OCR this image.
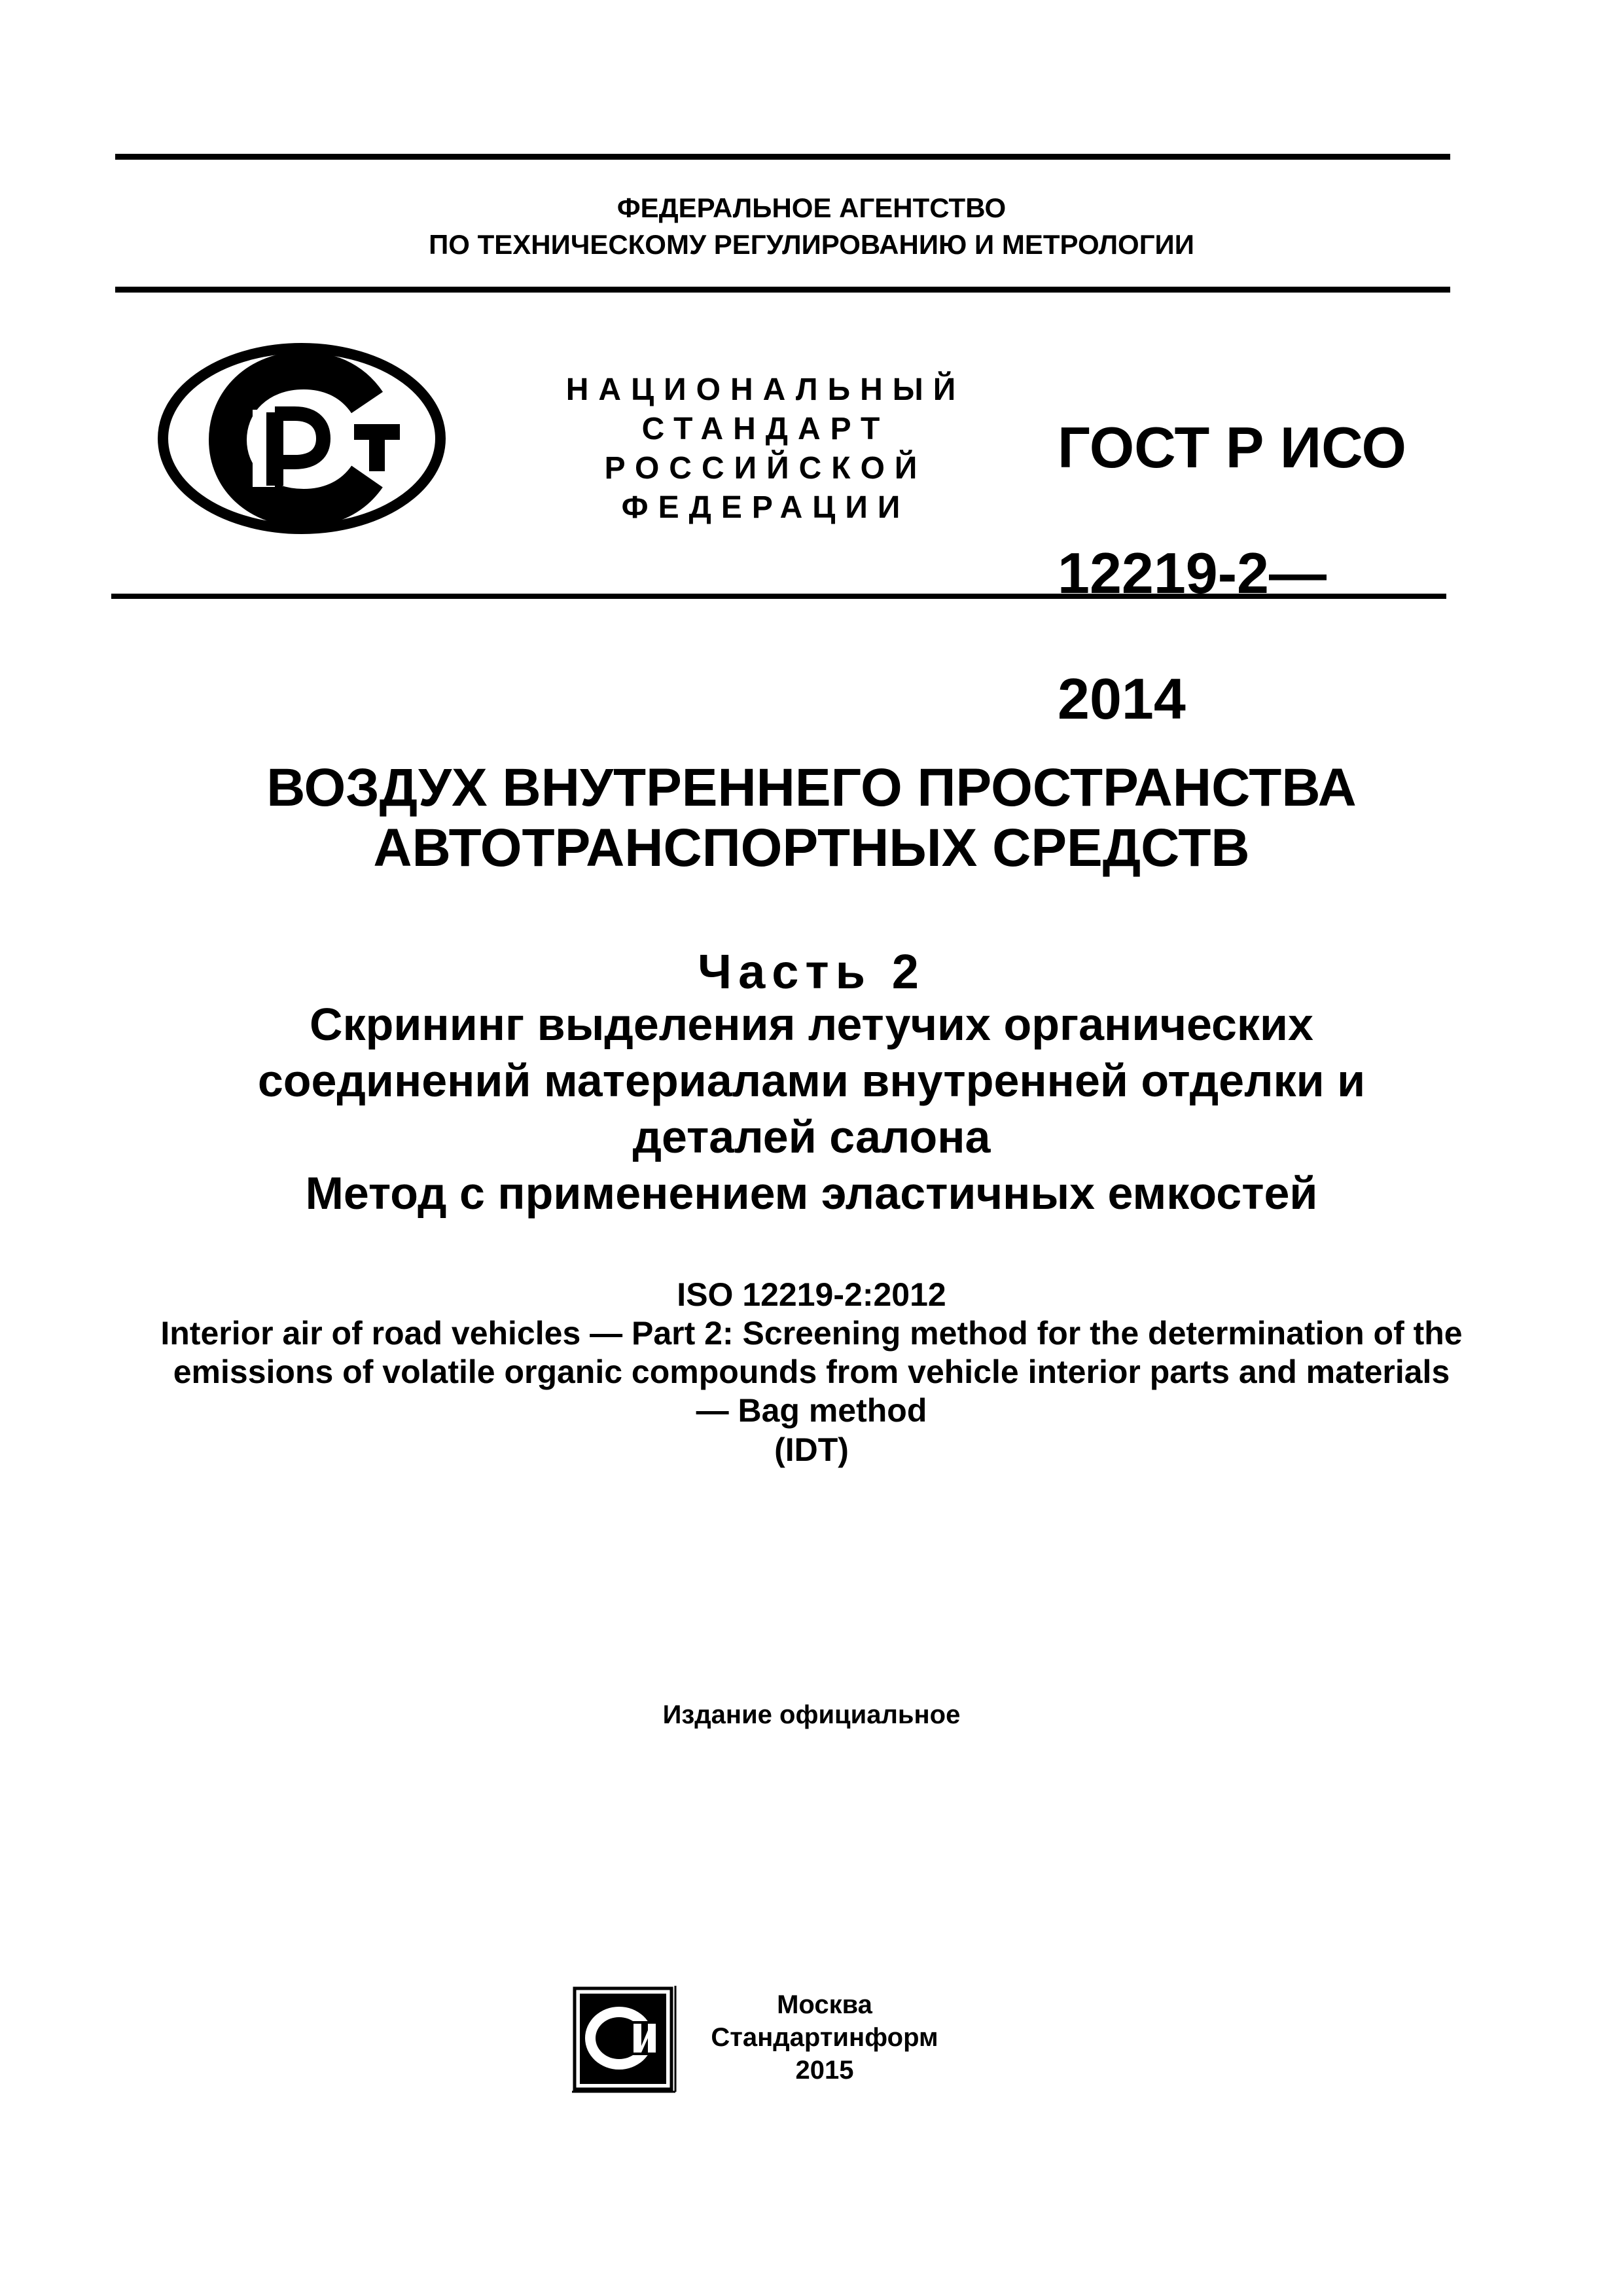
ФЕДЕРАЛЬНОЕ АГЕНТСТВО
ПО ТЕХНИЧЕСКОМУ РЕГУЛИРОВАНИЮ И МЕТРОЛОГИИ
НАЦИОНАЛЬНЫЙ
СТАНДАРТ
РОССИЙСКОЙ
ФЕДЕРАЦИИ

ГОСТ Р ИСО

12219-2—

2014

ВОЗДУХ ВНУТРЕННЕГО ПРОСТРАНСТВА
АВТОТРАНСПОРТНЫХ СРЕДСТВ
Часть 2
Скрининг выделения летучих органических
соединений материалами внутренней отделки и
деталей салона
Метод с применением эластичных емкостей
ISO 12219-2:2012
Interior air of road vehicles — Part 2: Screening method for the determination of the
emissions of volatile organic compounds from vehicle interior parts and materials
— Bag method
(IDT)
Издание официальное
Москва
Стандартинформ
2015
